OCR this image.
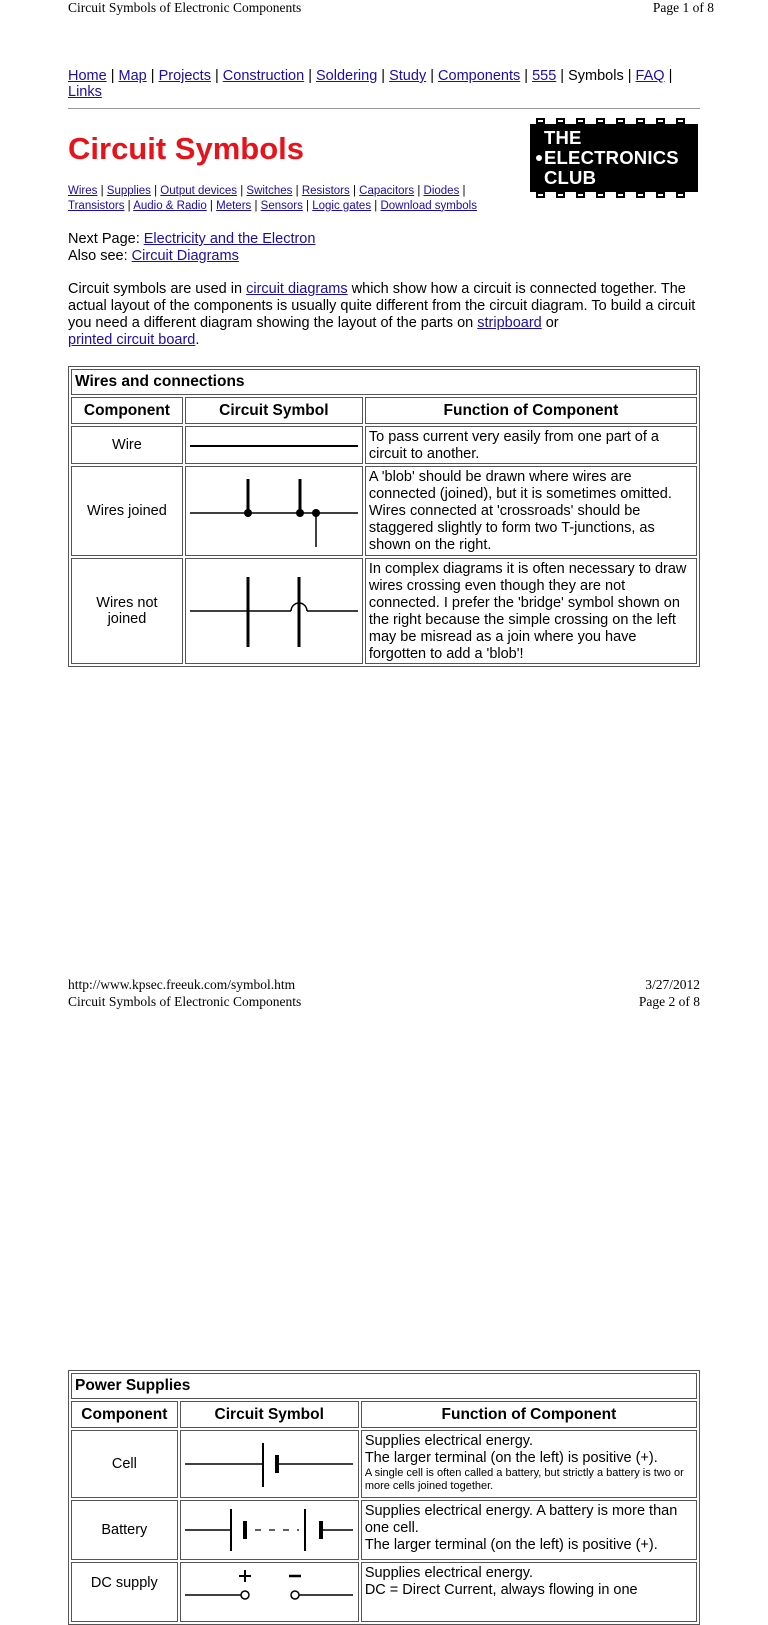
Circuit Symbols of Electronic Components	Page 1 of 8
Home | Map | Projects | Construction | Soldering | Study | Components | 555 | Symbols | FAQ | Links
Circuit Symbols	THE
ELECTRONICS
CLUB
Wires | Supplies | Output devices | Switches | Resistors | Capacitors | Diodes |
Transistors | Audio & Radio | Meters | Sensors | Logic gates | Download symbols
Next Page: Electricity and the Electron
Also see: Circuit Diagrams
Circuit symbols are used in circuit diagrams which show how a circuit is connected together. The actual layout of the components is usually quite different from the circuit diagram. To build a circuit you need a different diagram showing the layout of the parts on stripboard or
printed circuit board.
Wires and connections		
Component	Circuit Symbol	Function of Component
Wire		To pass current very easily from one part of a circuit to another.
Wires joined		A 'blob' should be drawn where wires are connected (joined), but it is sometimes omitted. Wires connected at 'crossroads' should be staggered slightly to form two T-junctions, as shown on the right.
Wires not joined		In complex diagrams it is often necessary to draw wires crossing even though they are not connected. I prefer the 'bridge' symbol shown on the right because the simple crossing on the left may be misread as a join where you have forgotten to add a 'blob'!
Power Supplies		
Component	Circuit Symbol	Function of Component
Cell		Supplies electrical energy.
The larger terminal (on the left) is positive (+).
A single cell is often called a battery, but strictly a battery is two or more cells joined together.

Battery		Supplies electrical energy. A battery is more than one cell.
The larger terminal (on the left) is positive (+).

DC supply		Supplies electrical energy.
DC = Direct Current, always flowing in one
http://www.kpsec.freeuk.com/symbol.htm
Circuit Symbols of Electronic Components
3/27/2012
Page 2 of 8
